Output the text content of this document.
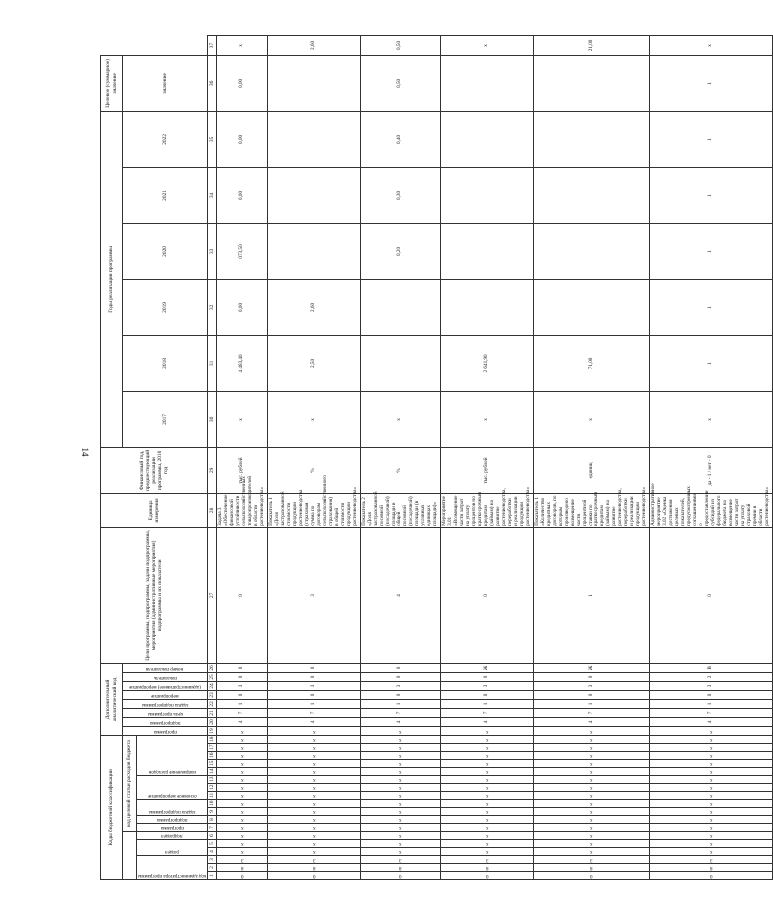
14
Коды бюджетной классификации																		Дополнительный аналитический код								Цели программы, подпрограммы, задачи подпрограммы, мероприятия (административные мероприятия) подпрограммы и их показатели	Единица измерения	Финансовый год, предшествующий реализации программы, 2016 год	Годы реализации программы						Целевое (суммарное) значение	
						код целевой статьи расходов бюджета												программа	подпрограмма	цель программы	задача подпрограммы	мероприятие	(административное) мероприятие	показатель	номер показателя				2017	2018	2019	2020	2021	2022	значение	

код администратора программы			раздел		подраздел	программа	подпрограмма	задача подпрограммы		основное мероприятие			направление расходов																							

1	2	3	4	5	6	7	8	9	10	11	12	13	14	15	16	17	18	19	20	21	22	23	24	25	26	27	28	29	30	31	32	33	34	35	36	37

0	8	3	х	х	х	х	х	х	х	х	х	х	х	х	х	х	х	х	4	7	1	0	3	0	0	0	Задача 3 «Обеспечение финансовой устойчивости сельскохозяйственных товаропроизводителей в области растениеводства»	тыс. рублей	х	4 483,40	0,00	073,50	0,00	0,00	0,00	х

0	8	3	х	х	х	х	х	х	х	х	х	х	х	х	х	х	х	х	4	7	1	0	3	0	0	3	Показатель 1 «Доля застрахованной стоимости продукции растениеводства (страховая сумма по договорам сельскохозяйственного страхования) в общей стоимости продукции растениеводства»	%	х	2,50	2,60					2,60

0	8	3	х	х	х	х	х	х	х	х	х	х	х	х	х	х	х	х	4	7	1	0	3	0	0	4	Показатель 2 «Доля застрахованной посевной (посадочной) площади в общей посевной (посадочной) площади (в условных единицах площади)»	%	х			0,20	0,30	0,40	0,50	0,50

0	8	3	х	х	х	х	х	х	х	х	х	х	х	х	х	х	х	х	4	7	1	0	3	0	Ж	0	Мероприятие 3.01 «Возмещение части затрат на уплату процентов по краткосрочным кредитам (займам) на развитие растениеводства, переработки и реализации продукции растениеводства»	тыс. рублей	х	2 641,90						х

0	8	3	х	х	х	х	х	х	х	х	х	х	х	х	х	х	х	х	4	7	1	0	3	0	Ж	1	Показатель 1 «Количество кредитных договоров, по которым произведено возмещение части процентной ставки по краткосрочным кредитам (займам) на развитие растениеводства, переработки и реализации продукции растениеводства»	единиц	х	71,00						21,00

0	8	3	х	х	х	х	х	х	х	х	х	х	х	х	х	х	х	х	4	7	1	0	3	2	В	0	Административное мероприятие 3.02 «Оценка достижения целевых показателей, предусмотренных соглашениями о предоставлении субсидий из федерального бюджета на возмещение части затрат на уплату страховой премии в области растениеводства»	да - 1 / нет - 0	х	1	1	1	1	1	1	х
